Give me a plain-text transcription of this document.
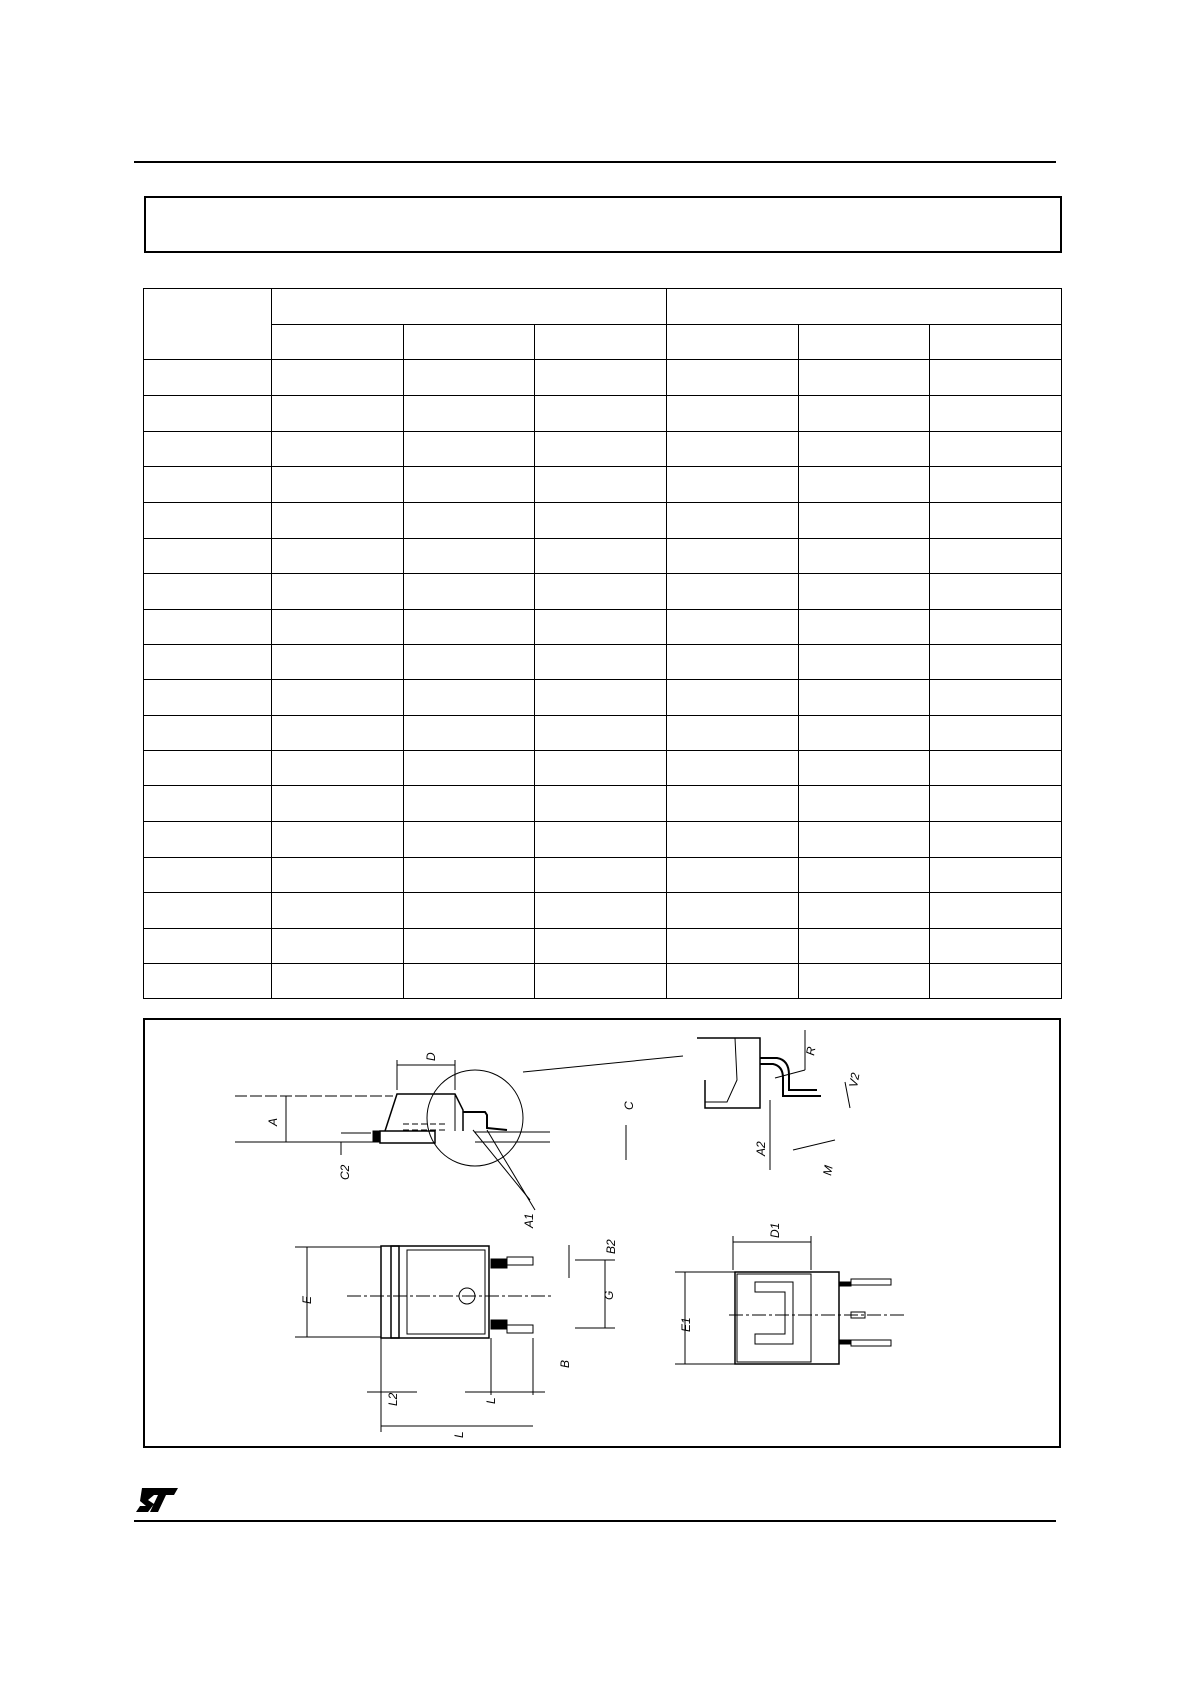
A
C2
D
C
A1
R
V2
A2
M
E
B2
G
B
L2	L
L
E1
D1
